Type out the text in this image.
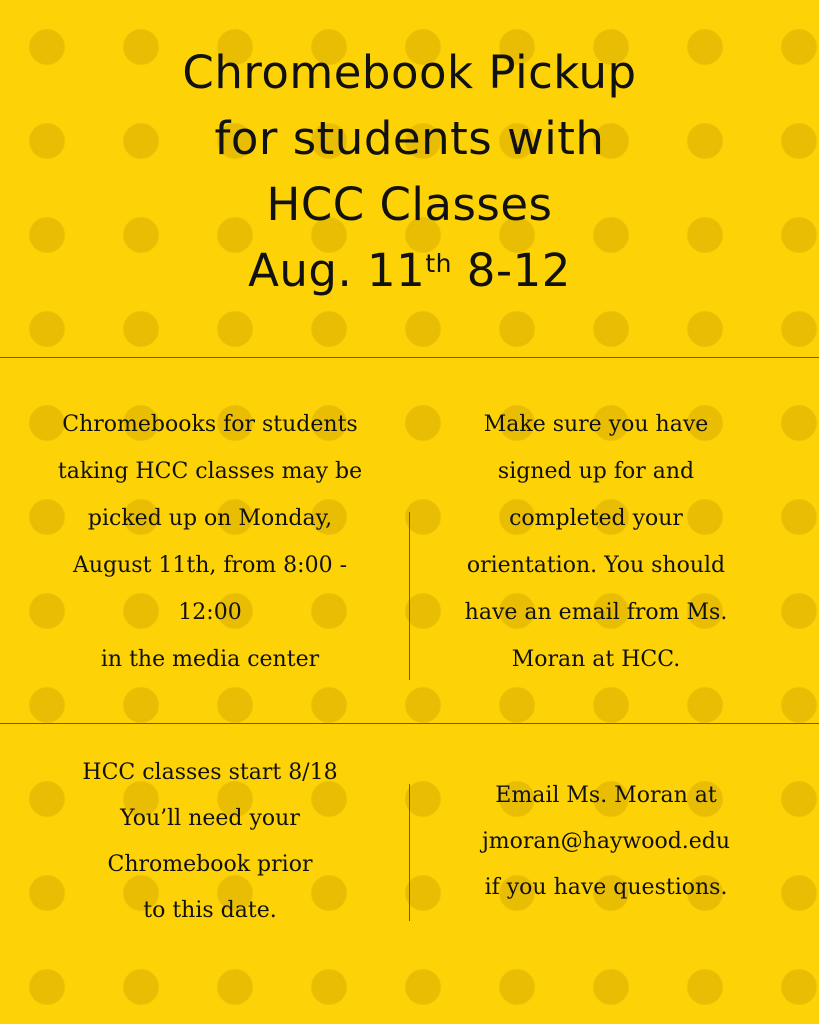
Chromebook Pickup
for students with
HCC Classes
Aug. 11th 8-12
Chromebooks for students
taking HCC classes may be
picked up on Monday,
August 11th, from 8:00 -
12:00
in the media center
Make sure you have
signed up for and
completed your
orientation. You should
have an email from Ms.
Moran at HCC.
HCC classes start 8/18
You’ll need your
Chromebook prior
to this date.
Email Ms. Moran at
jmoran@haywood.edu
if you have questions.
